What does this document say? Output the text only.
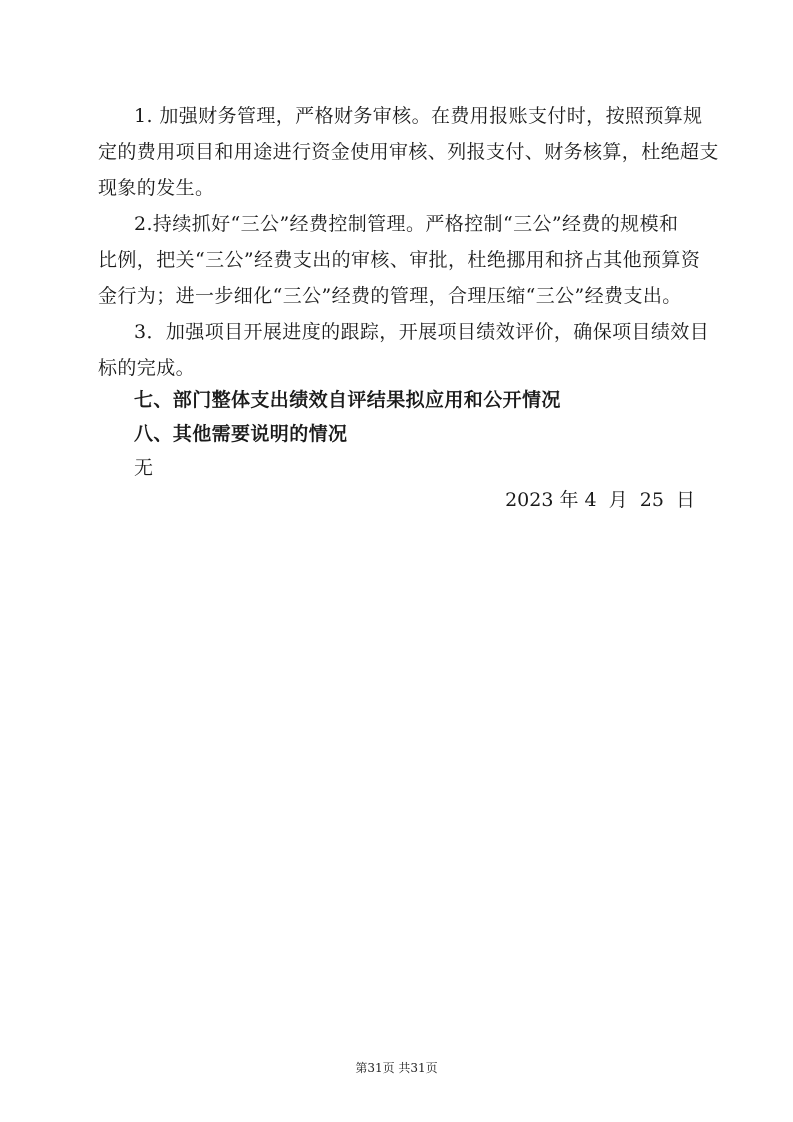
1. 加强财务管理，严格财务审核。在费用报账支付时，按照预算规
定的费用项目和用途进行资金使用审核、列报支付、财务核算，杜绝超支
现象的发生。
2.持续抓好“三公”经费控制管理。严格控制“三公”经费的规模和
比例，把关“三公”经费支出的审核、审批，杜绝挪用和挤占其他预算资
金行为；进一步细化“三公”经费的管理，合理压缩“三公”经费支出。
3．加强项目开展进度的跟踪，开展项目绩效评价，确保项目绩效目
标的完成。
七、部门整体支出绩效自评结果拟应用和公开情况
八、其他需要说明的情况
无
2023 年 4  月  25  日
第31页 共31页
